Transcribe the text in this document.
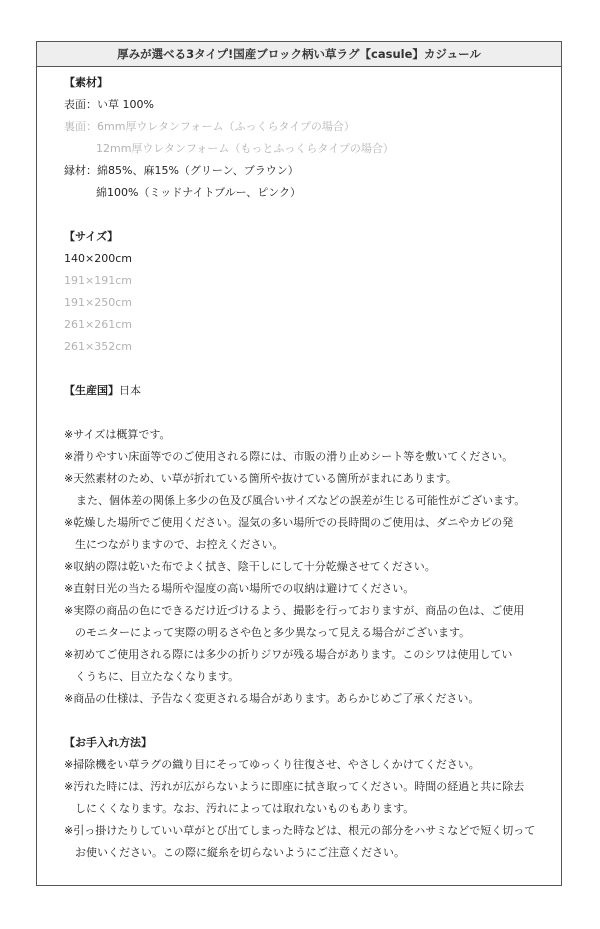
厚みが選べる3タイプ!国産ブロック柄い草ラグ【casule】カジュール
【素材】
表面：い草 100%
裏面：6mm厚ウレタンフォーム（ふっくらタイプの場合）
12mm厚ウレタンフォーム（もっとふっくらタイプの場合）
縁材：綿85%、麻15%（グリーン、ブラウン）
綿100%（ミッドナイトブルー、ピンク）
【サイズ】
140×200cm
191×191cm
191×250cm
261×261cm
261×352cm
【生産国】日本
※サイズは概算です。
※滑りやすい床面等でのご使用される際には、市販の滑り止めシート等を敷いてください。
※天然素材のため、い草が折れている箇所や抜けている箇所がまれにあります。
また、個体差の関係上多少の色及び風合いサイズなどの誤差が生じる可能性がございます。
※乾燥した場所でご使用ください。湿気の多い場所での長時間のご使用は、ダニやカビの発
生につながりますので、お控えください。
※収納の際は乾いた布でよく拭き、陰干しにして十分乾燥させてください。
※直射日光の当たる場所や湿度の高い場所での収納は避けてください。
※実際の商品の色にできるだけ近づけるよう、撮影を行っておりますが、商品の色は、ご使用
のモニターによって実際の明るさや色と多少異なって見える場合がございます。
※初めてご使用される際には多少の折りジワが残る場合があります。このシワは使用してい
くうちに、目立たなくなります。
※商品の仕様は、予告なく変更される場合があります。あらかじめご了承ください。
【お手入れ方法】
※掃除機をい草ラグの織り目にそってゆっくり往復させ、やさしくかけてください。
※汚れた時には、汚れが広がらないように即座に拭き取ってください。時間の経過と共に除去
しにくくなります。なお、汚れによっては取れないものもあります。
※引っ掛けたりしていい草がとび出てしまった時などは、根元の部分をハサミなどで短く切って
お使いください。この際に縦糸を切らないようにご注意ください。
